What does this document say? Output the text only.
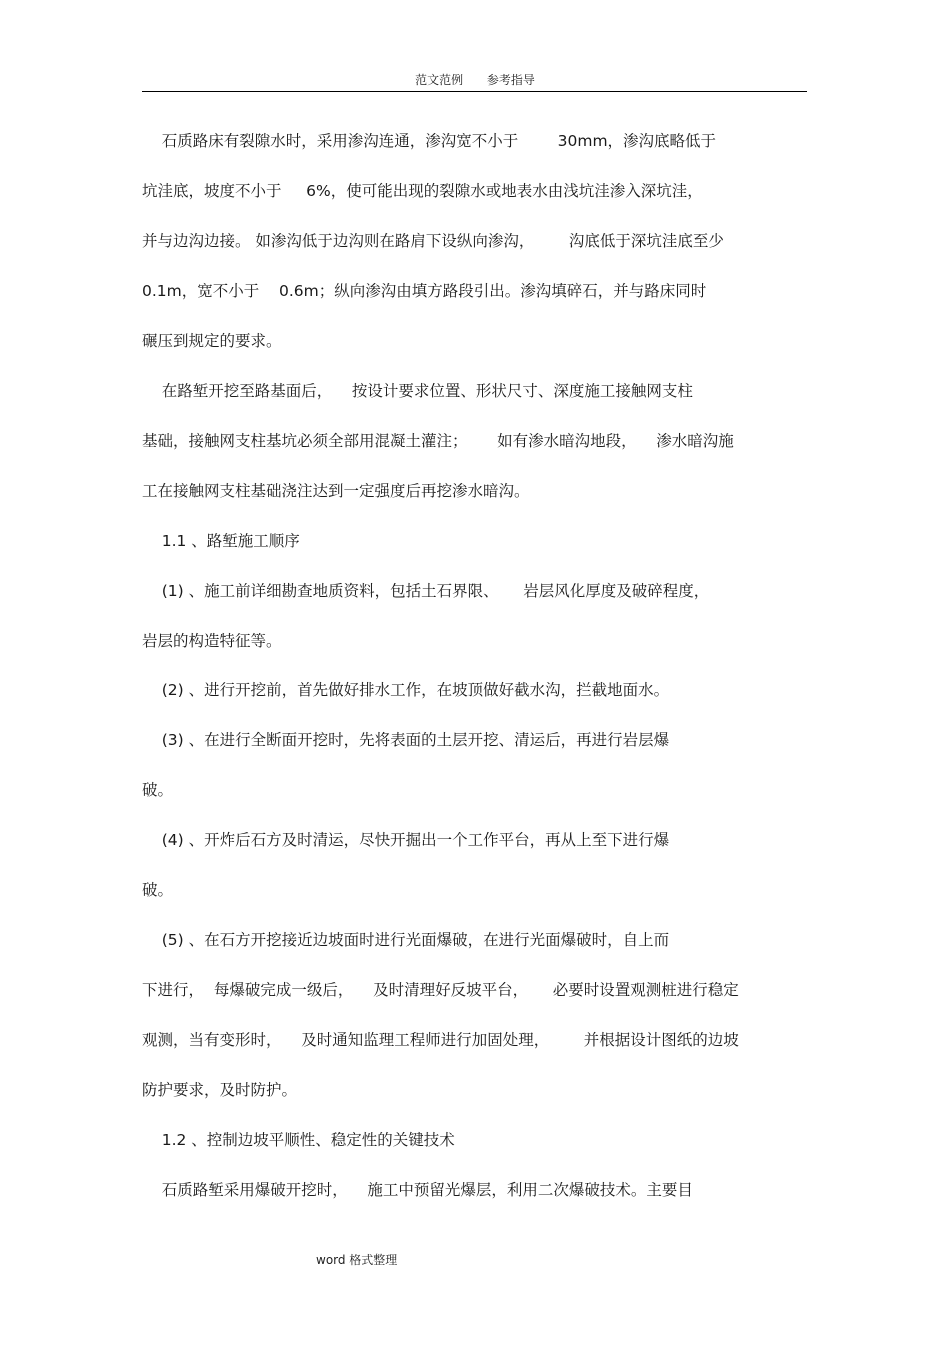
范文范例 参考指导
石质路床有裂隙水时，采用渗沟连通，渗沟宽不小于        30mm，渗沟底略低于
坑洼底，坡度不小于     6%，使可能出现的裂隙水或地表水由浅坑洼渗入深坑洼，
并与边沟边接。 如渗沟低于边沟则在路肩下设纵向渗沟，       沟底低于深坑洼底至少
0.1m，宽不小于    0.6m；纵向渗沟由填方路段引出。渗沟填碎石，并与路床同时
碾压到规定的要求。
在路堑开挖至路基面后，    按设计要求位置、形状尺寸、深度施工接触网支柱
基础，接触网支柱基坑必须全部用混凝土灌注；      如有渗水暗沟地段，    渗水暗沟施
工在接触网支柱基础浇注达到一定强度后再挖渗水暗沟。
1.1 、路堑施工顺序
(1) 、施工前详细勘查地质资料，包括土石界限、     岩层风化厚度及破碎程度，
岩层的构造特征等。
(2) 、进行开挖前，首先做好排水工作，在坡顶做好截水沟，拦截地面水。
(3) 、在进行全断面开挖时，先将表面的土层开挖、清运后，再进行岩层爆
破。
(4) 、开炸后石方及时清运，尽快开掘出一个工作平台，再从上至下进行爆
破。
(5) 、在石方开挖接近边坡面时进行光面爆破，在进行光面爆破时，自上而
下进行，  每爆破完成一级后，    及时清理好反坡平台，     必要时设置观测桩进行稳定
观测，当有变形时，    及时通知监理工程师进行加固处理，       并根据设计图纸的边坡
防护要求，及时防护。
1.2 、控制边坡平顺性、稳定性的关键技术
石质路堑采用爆破开挖时，    施工中预留光爆层，利用二次爆破技术。主要目
word 格式整理
